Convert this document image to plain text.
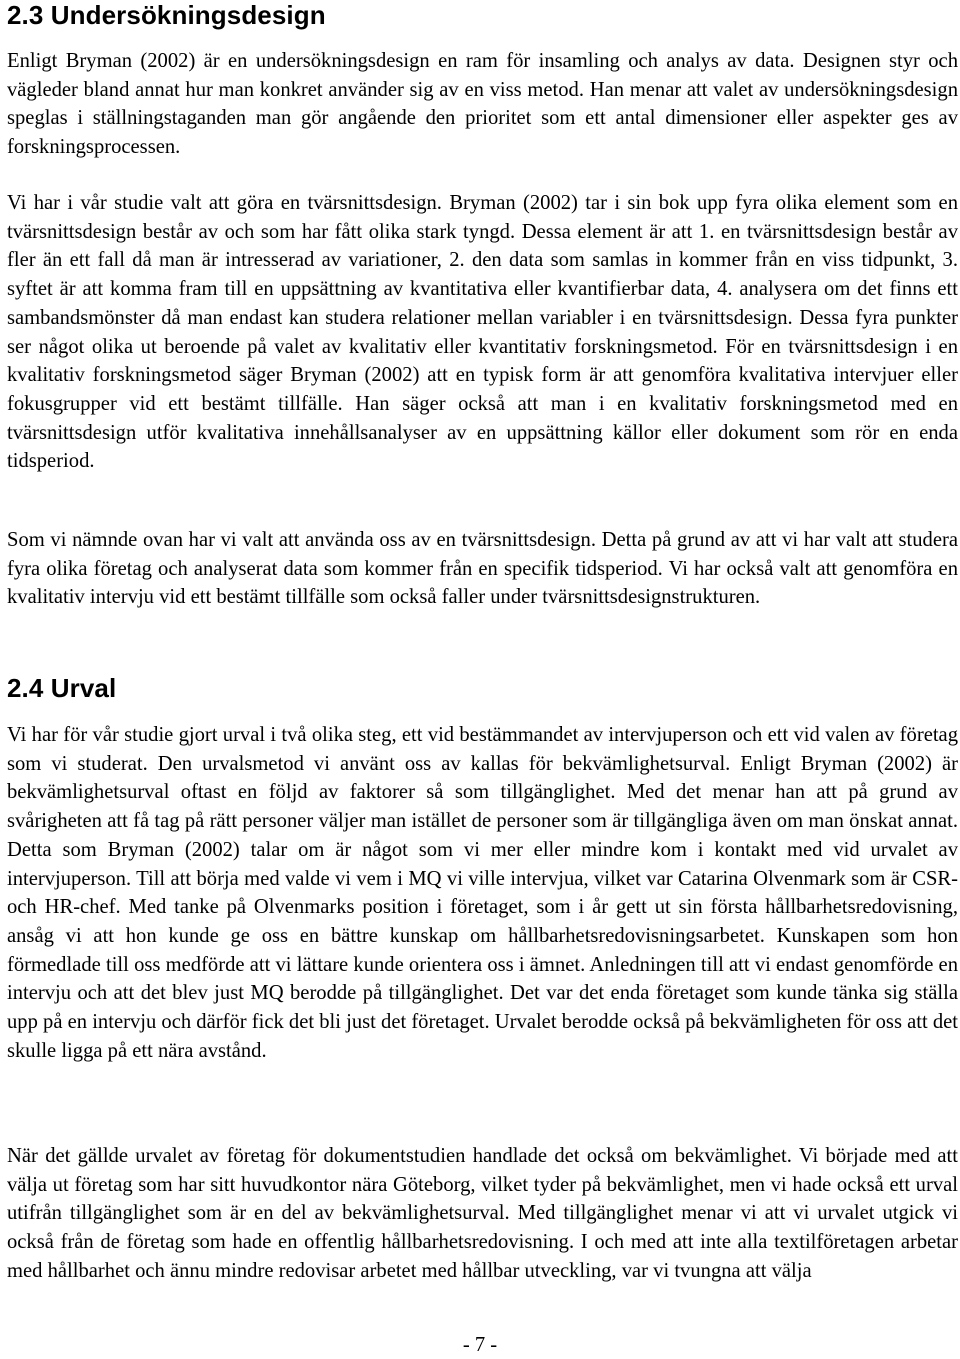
2.3 Undersökningsdesign

Enligt Bryman (2002) är en undersökningsdesign en ram för insamling och analys av data. Designen styr och vägleder bland annat hur man konkret använder sig av en viss metod. Han menar att valet av undersökningsdesign speglas i ställningstaganden man gör angående den prioritet som ett antal dimensioner eller aspekter ges av forskningsprocessen.

Vi har i vår studie valt att göra en tvärsnittsdesign. Bryman (2002) tar i sin bok upp fyra olika element som en tvärsnittsdesign består av och som har fått olika stark tyngd. Dessa element är att 1. en tvärsnittsdesign består av fler än ett fall då man är intresserad av variationer, 2. den data som samlas in kommer från en viss tidpunkt, 3. syftet är att komma fram till en uppsättning av kvantitativa eller kvantifierbar data, 4. analysera om det finns ett sambandsmönster då man endast kan studera relationer mellan variabler i en tvärsnittsdesign. Dessa fyra punkter ser något olika ut beroende på valet av kvalitativ eller kvantitativ forskningsmetod. För en tvärsnittsdesign i en kvalitativ forskningsmetod säger Bryman (2002) att en typisk form är att genomföra kvalitativa intervjuer eller fokusgrupper vid ett bestämt tillfälle. Han säger också att man i en kvalitativ forskningsmetod med en tvärsnittsdesign utför kvalitativa innehållsanalyser av en uppsättning källor eller dokument som rör en enda tidsperiod.

Som vi nämnde ovan har vi valt att använda oss av en tvärsnittsdesign. Detta på grund av att vi har valt att studera fyra olika företag och analyserat data som kommer från en specifik tidsperiod. Vi har också valt att genomföra en kvalitativ intervju vid ett bestämt tillfälle som också faller under tvärsnittsdesignstrukturen.

2.4 Urval

Vi har för vår studie gjort urval i två olika steg, ett vid bestämmandet av intervjuperson och ett vid valen av företag som vi studerat. Den urvalsmetod vi använt oss av kallas för bekvämlighetsurval. Enligt Bryman (2002) är bekvämlighetsurval oftast en följd av faktorer så som tillgänglighet. Med det menar han att på grund av svårigheten att få tag på rätt personer väljer man istället de personer som är tillgängliga även om man önskat annat. Detta som Bryman (2002) talar om är något som vi mer eller mindre kom i kontakt med vid urvalet av intervjuperson. Till att börja med valde vi vem i MQ vi ville intervjua, vilket var Catarina Olvenmark som är CSR- och HR-chef. Med tanke på Olvenmarks position i företaget, som i år gett ut sin första hållbarhetsredovisning, ansåg vi att hon kunde ge oss en bättre kunskap om hållbarhetsredovisningsarbetet. Kunskapen som hon förmedlade till oss medförde att vi lättare kunde orientera oss i ämnet. Anledningen till att vi endast genomförde en intervju och att det blev just MQ berodde på tillgänglighet. Det var det enda företaget som kunde tänka sig ställa upp på en intervju och därför fick det bli just det företaget. Urvalet berodde också på bekvämligheten för oss att det skulle ligga på ett nära avstånd.

När det gällde urvalet av företag för dokumentstudien handlade det också om bekvämlighet. Vi började med att välja ut företag som har sitt huvudkontor nära Göteborg, vilket tyder på bekvämlighet, men vi hade också ett urval utifrån tillgänglighet som är en del av bekvämlighetsurval. Med tillgänglighet menar vi att vi urvalet utgick vi också från de företag som hade en offentlig hållbarhetsredovisning. I och med att inte alla textilföretagen arbetar med hållbarhet och ännu mindre redovisar arbetet med hållbar utveckling, var vi tvungna att välja

- 7 -
